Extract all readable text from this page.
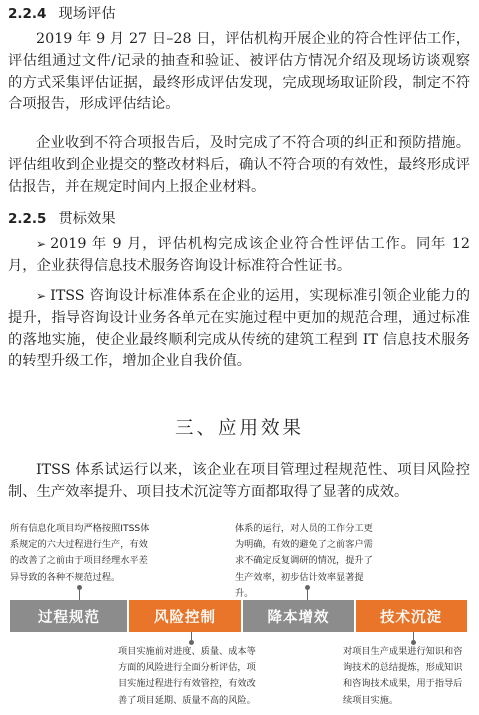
2.2.4 现场评估

2019 年 9 月 27 日–28 日，评估机构开展企业的符合性评估工作，评估组通过文件/记录的抽查和验证、被评估方情况介绍及现场访谈观察的方式采集评估证据，最终形成评估发现，完成现场取证阶段，制定不符合项报告，形成评估结论。

企业收到不符合项报告后，及时完成了不符合项的纠正和预防措施。评估组收到企业提交的整改材料后，确认不符合项的有效性，最终形成评估报告，并在规定时间内上报企业材料。

2.2.5 贯标效果

➢ 2019 年 9 月，评估机构完成该企业符合性评估工作。同年 12 月，企业获得信息技术服务咨询设计标准符合性证书。

➢ ITSS 咨询设计标准体系在企业的运用，实现标准引领企业能力的提升，指导咨询设计业务各单元在实施过程中更加的规范合理，通过标准的落地实施，使企业最终顺利完成从传统的建筑工程到 IT 信息技术服务的转型升级工作，增加企业自我价值。

三、应用效果

ITSS 体系试运行以来，该企业在项目管理过程规范性、项目风险控制、生产效率提升、项目技术沉淀等方面都取得了显著的成效。

所有信息化项目均严格按照ITSS体系规定的六大过程进行生产，有效的改善了之前由于项目经理水平差异导致的各种不规范过程。

体系的运行，对人员的工作分工更为明确，有效的避免了之前客户需求不确定反复调研的情况，提升了生产效率，初步估计效率显著提升。

过程规范	风险控制	降本增效	技术沉淀

项目实施前对进度、质量、成本等方面的风险进行全面分析评估，项目实施过程进行有效管控，有效改善了项目延期、质量不高的风险。

对项目生产成果进行知识和咨询技术的总结提炼，形成知识和咨询技术成果，用于指导后续项目实施。
